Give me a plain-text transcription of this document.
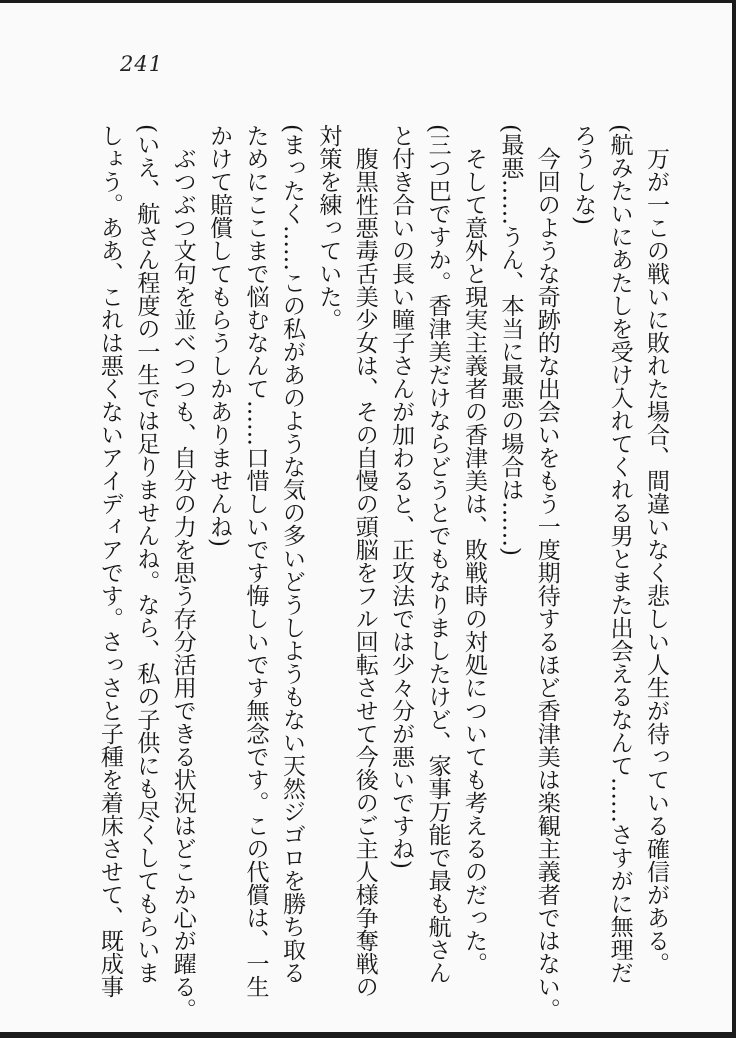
241
万が一この戦いに敗れた場合、間違いなく悲しい人生が待っている確信がある。
(航みたいにあたしを受け入れてくれる男とまた出会えるなんて……さすがに無理だ
ろうしな)
今回のような奇跡的な出会いをもう一度期待するほど香津美は楽観主義者ではない。
(最悪……うん、本当に最悪の場合は……)
そして意外と現実主義者の香津美は、敗戦時の対処についても考えるのだった。
(三つ巴ですか。香津美だけならどうとでもなりましたけど、家事万能で最も航さん
と付き合いの長い瞳子さんが加わると、正攻法では少々分が悪いですね)
腹黒性悪毒舌美少女は、その自慢の頭脳をフル回転させて今後のご主人様争奪戦の
対策を練っていた。
(まったく……この私があのような気の多いどうしようもない天然ジゴロを勝ち取る
ためにここまで悩むなんて……口惜しいです悔しいです無念です。この代償は、一生
かけて賠償してもらうしかありませんね)
ぶつぶつ文句を並べつつも、自分の力を思う存分活用できる状況はどこか心が躍る。
(いえ、航さん程度の一生では足りませんね。なら、私の子供にも尽くしてもらいま
しょう。ああ、これは悪くないアイディアです。さっさと子種を着床させて、既成事
